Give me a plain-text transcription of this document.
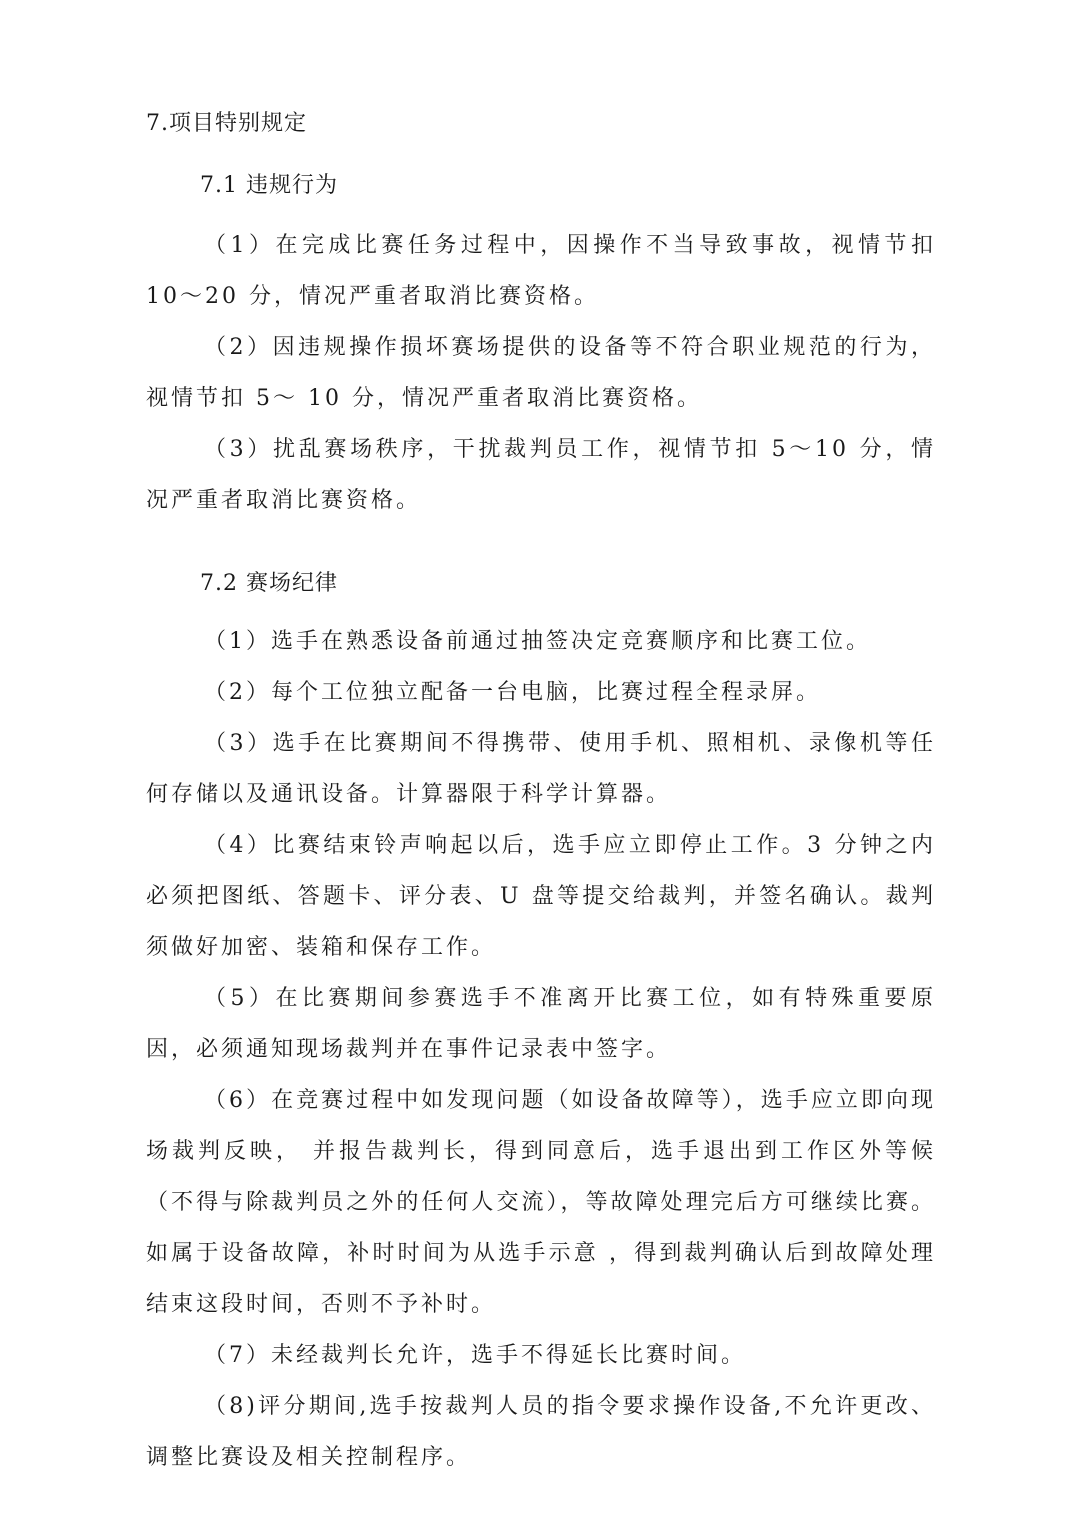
7.项目特别规定

7.1 违规行为

（1）在完成比赛任务过程中，因操作不当导致事故，视情节扣 10～20 分，情况严重者取消比赛资格。

（2）因违规操作损坏赛场提供的设备等不符合职业规范的行为，视情节扣 5～ 10 分，情况严重者取消比赛资格。

（3）扰乱赛场秩序，干扰裁判员工作，视情节扣 5～10 分，情况严重者取消比赛资格。

7.2 赛场纪律

（1）选手在熟悉设备前通过抽签决定竞赛顺序和比赛工位。

（2）每个工位独立配备一台电脑，比赛过程全程录屏。

（3）选手在比赛期间不得携带、使用手机、照相机、录像机等任何存储以及通讯设备。计算器限于科学计算器。

（4）比赛结束铃声响起以后，选手应立即停止工作。3 分钟之内必须把图纸、答题卡、评分表、U 盘等提交给裁判，并签名确认。裁判须做好加密、装箱和保存工作。

（5）在比赛期间参赛选手不准离开比赛工位，如有特殊重要原因，必须通知现场裁判并在事件记录表中签字。

（6）在竞赛过程中如发现问题（如设备故障等），选手应立即向现场裁判反映， 并报告裁判长，得到同意后，选手退出到工作区外等候（不得与除裁判员之外的任何人交流），等故障处理完后方可继续比赛。如属于设备故障，补时时间为从选手示意 ，得到裁判确认后到故障处理结束这段时间，否则不予补时。

（7）未经裁判长允许，选手不得延长比赛时间。

（8)评分期间,选手按裁判人员的指令要求操作设备,不允许更改、调整比赛设及相关控制程序。
